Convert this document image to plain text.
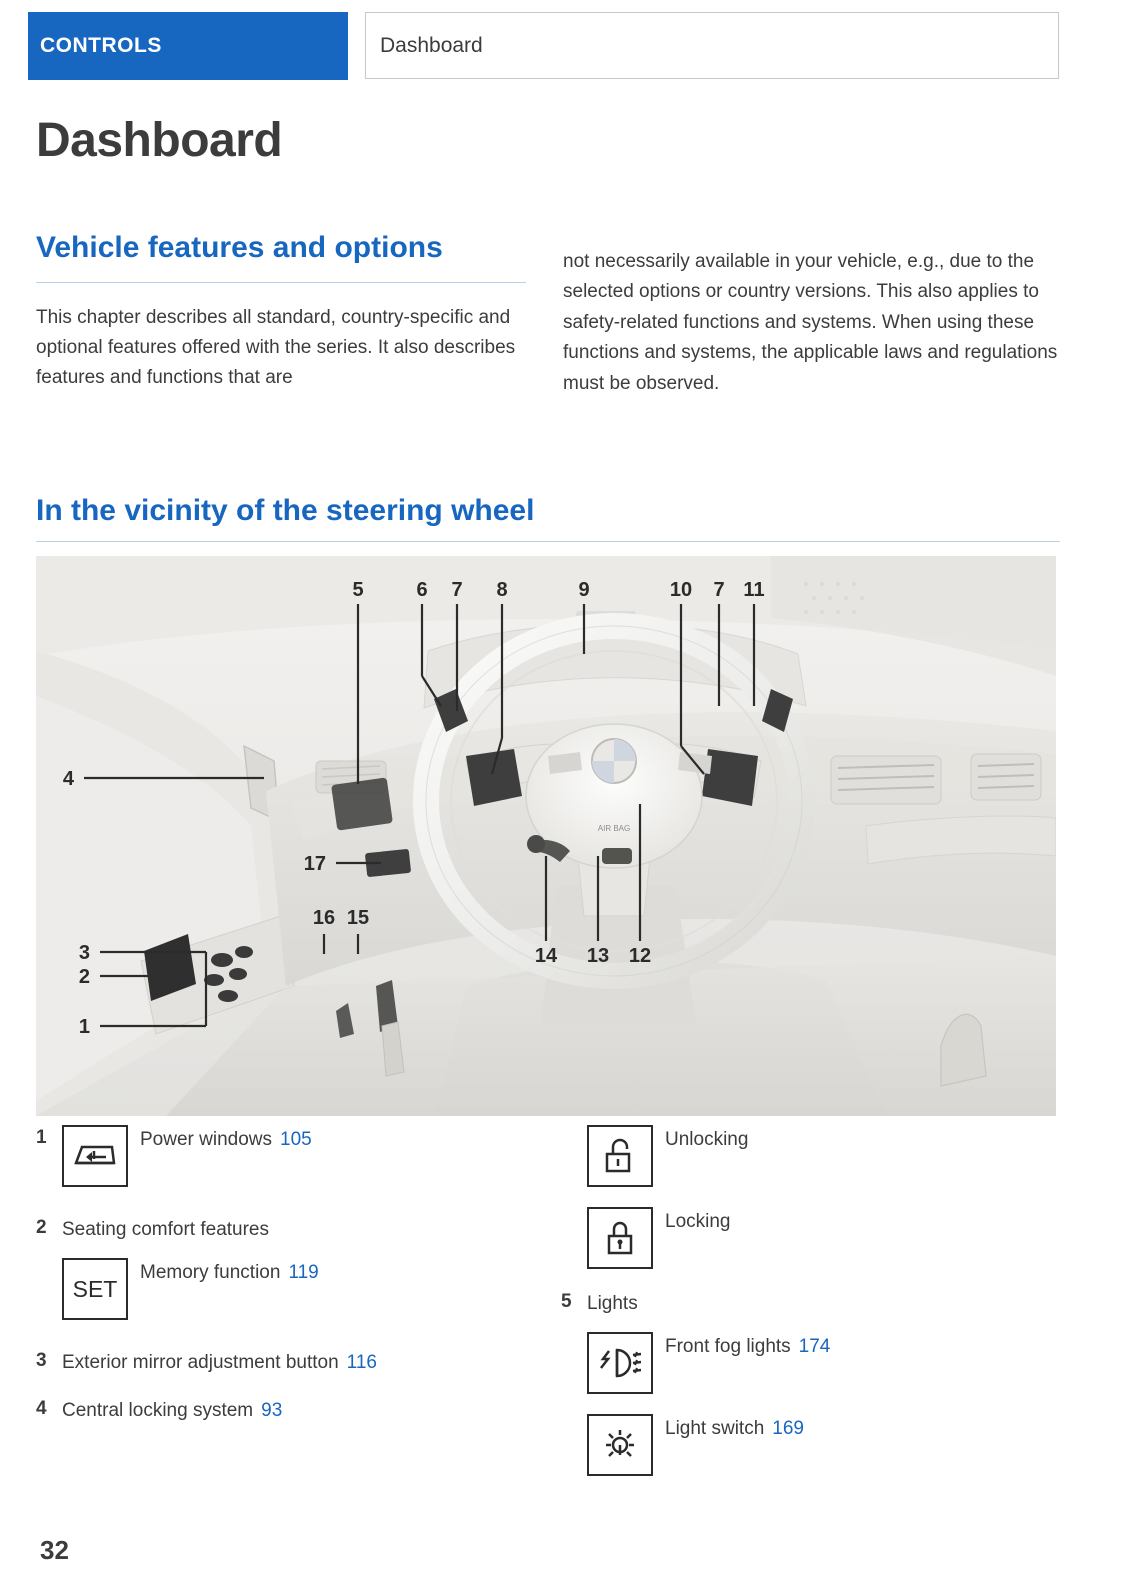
CONTROLS	Dashboard
Dashboard
Vehicle features and options

This chapter describes all standard, country-specific and optional features offered with the series. It also describes features and functions that are

not necessarily available in your vehicle, e.g., due to the selected options or country versions. This also applies to safety-related functions and systems. When using these functions and systems, the applicable laws and regulations must be observed.

In the vicinity of the steering wheel
AIR BAG
5	6 7 8	9	10 7 11
4
17
16 15
14 13 12
3
2
1
1	Power windows 105
2 Seating comfort features
SET
Memory function 119
3 Exterior mirror adjustment button 116
4 Central locking system 93
Unlocking
Locking
5 Lights
Front fog lights 174
Light switch 169
32
